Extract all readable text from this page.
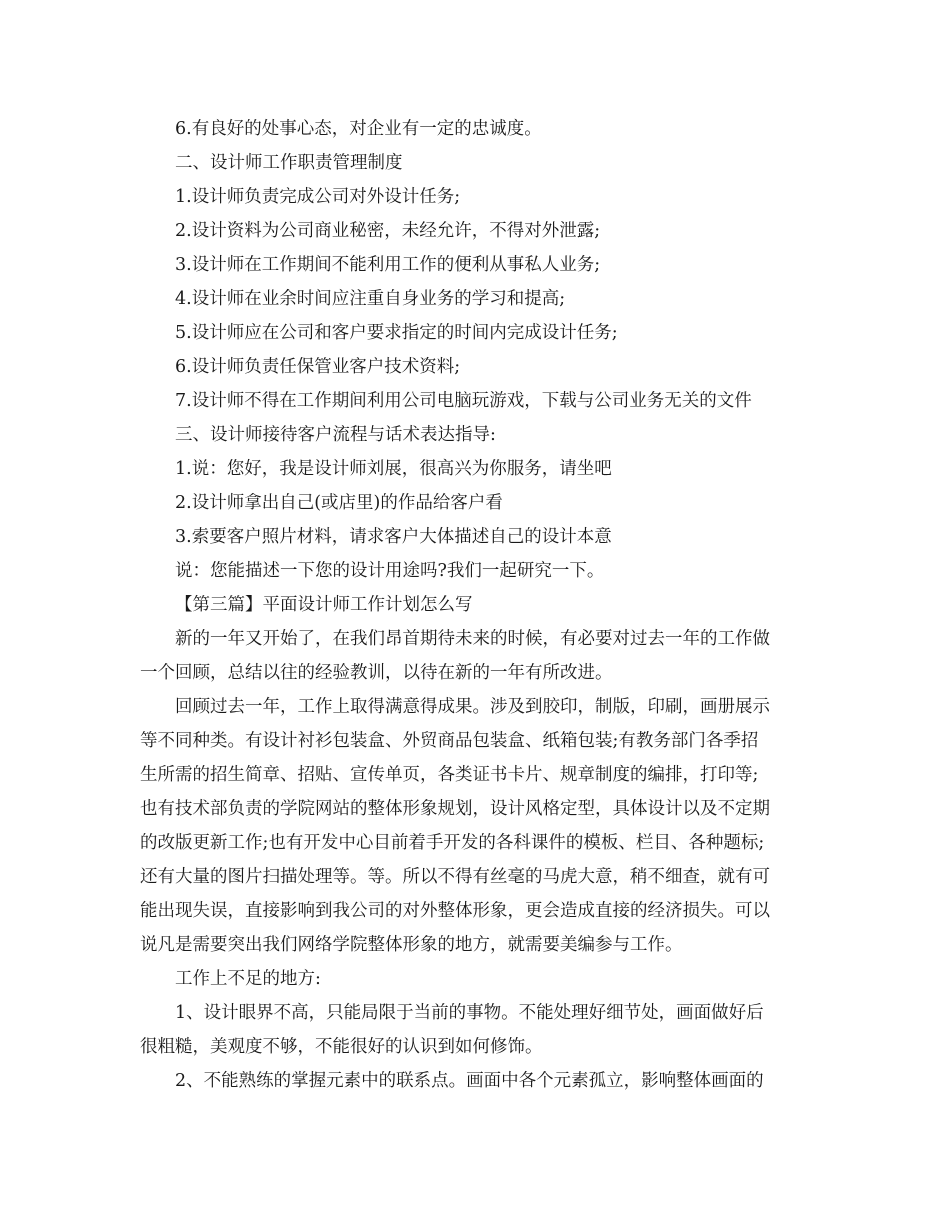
6.有良好的处事心态，对企业有一定的忠诚度。

二、设计师工作职责管理制度

1.设计师负责完成公司对外设计任务;

2.设计资料为公司商业秘密，未经允许，不得对外泄露;

3.设计师在工作期间不能利用工作的便利从事私人业务;

4.设计师在业余时间应注重自身业务的学习和提高;

5.设计师应在公司和客户要求指定的时间内完成设计任务;

6.设计师负责任保管业客户技术资料;

7.设计师不得在工作期间利用公司电脑玩游戏，下载与公司业务无关的文件

三、设计师接待客户流程与话术表达指导:

1.说：您好，我是设计师刘展，很高兴为你服务，请坐吧

2.设计师拿出自己(或店里)的作品给客户看

3.索要客户照片材料，请求客户大体描述自己的设计本意

说：您能描述一下您的设计用途吗?我们一起研究一下。

【第三篇】平面设计师工作计划怎么写

新的一年又开始了，在我们昂首期待未来的时候，有必要对过去一年的工作做

一个回顾，总结以往的经验教训，以待在新的一年有所改进。

回顾过去一年，工作上取得满意得成果。涉及到胶印，制版，印刷，画册展示

等不同种类。有设计衬衫包装盒、外贸商品包装盒、纸箱包装;有教务部门各季招

生所需的招生简章、招贴、宣传单页，各类证书卡片、规章制度的编排，打印等;

也有技术部负责的学院网站的整体形象规划，设计风格定型，具体设计以及不定期

的改版更新工作;也有开发中心目前着手开发的各科课件的模板、栏目、各种题标;

还有大量的图片扫描处理等。等。所以不得有丝毫的马虎大意，稍不细查，就有可

能出现失误，直接影响到我公司的对外整体形象，更会造成直接的经济损失。可以

说凡是需要突出我们网络学院整体形象的地方，就需要美编参与工作。

工作上不足的地方:

1、设计眼界不高，只能局限于当前的事物。不能处理好细节处，画面做好后

很粗糙，美观度不够，不能很好的认识到如何修饰。

2、不能熟练的掌握元素中的联系点。画面中各个元素孤立，影响整体画面的
